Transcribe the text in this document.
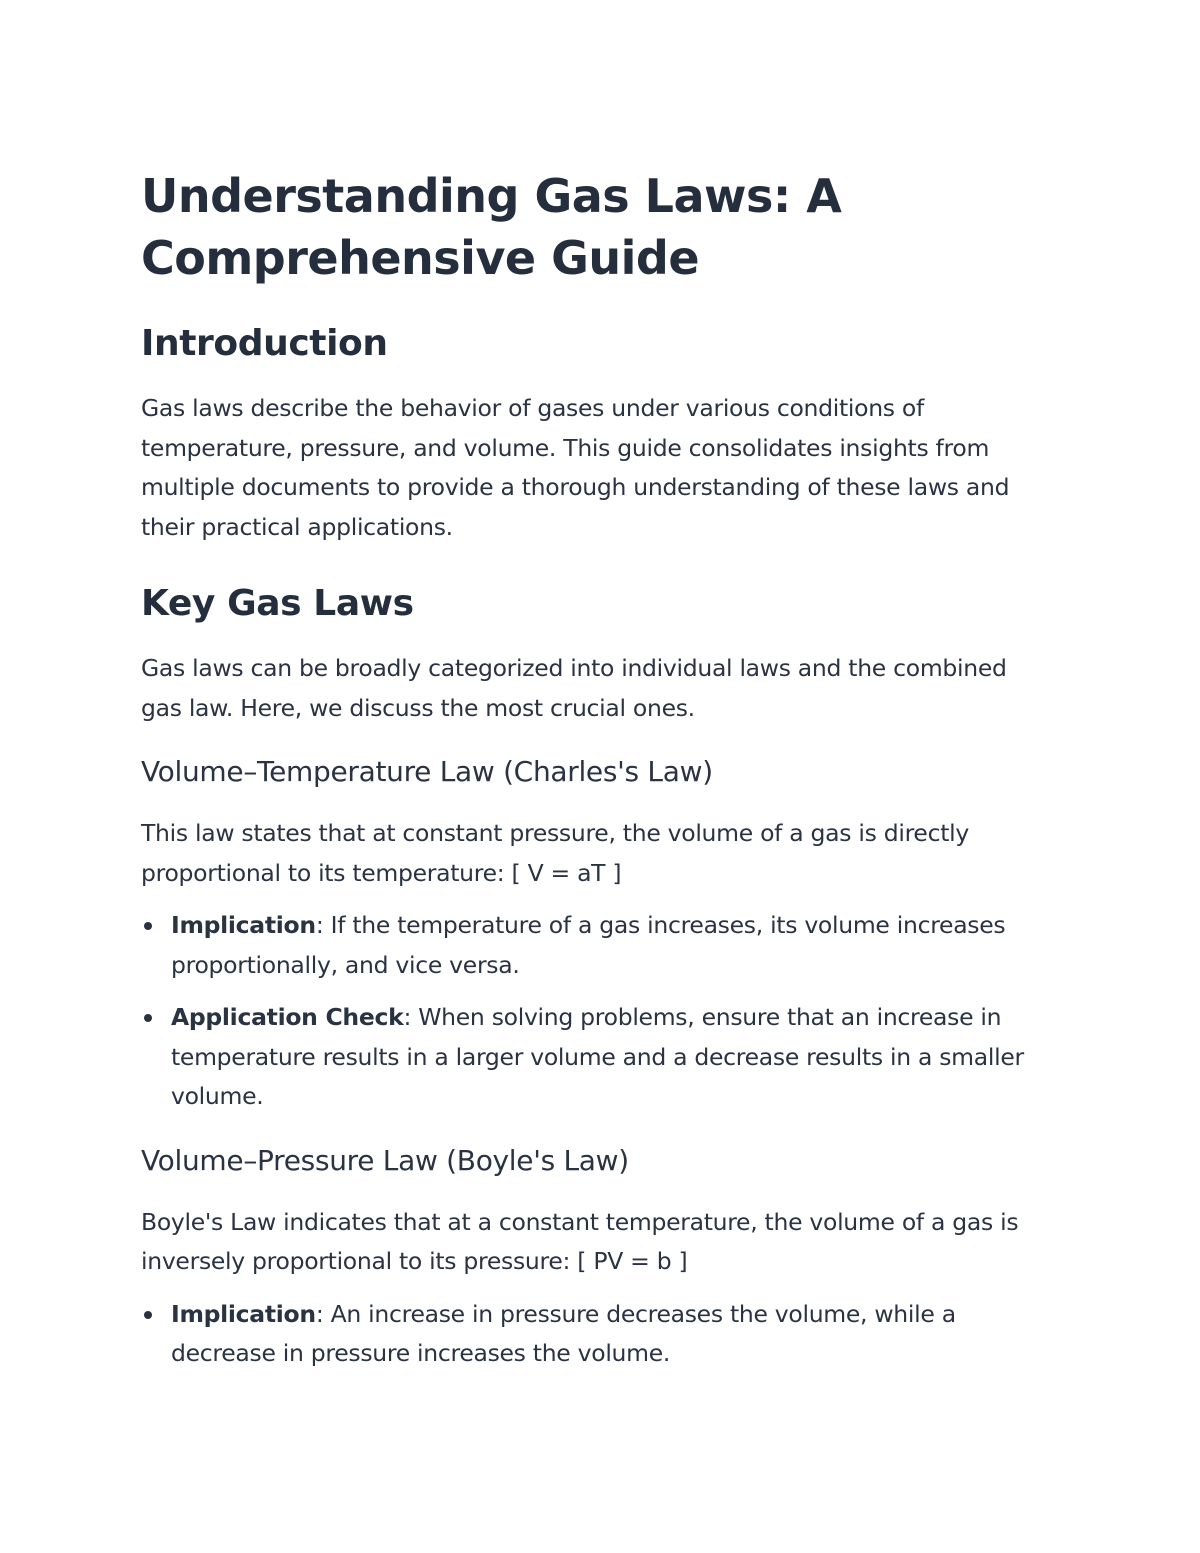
Understanding Gas Laws: A Comprehensive Guide
Introduction

Gas laws describe the behavior of gases under various conditions of temperature, pressure, and volume. This guide consolidates insights from multiple documents to provide a thorough understanding of these laws and their practical applications.

Key Gas Laws

Gas laws can be broadly categorized into individual laws and the combined gas law. Here, we discuss the most crucial ones.

Volume–Temperature Law (Charles's Law)

This law states that at constant pressure, the volume of a gas is directly proportional to its temperature: [ V = aT ]

Implication: If the temperature of a gas increases, its volume increases proportionally, and vice versa.
Application Check: When solving problems, ensure that an increase in temperature results in a larger volume and a decrease results in a smaller volume.
Volume–Pressure Law (Boyle's Law)

Boyle's Law indicates that at a constant temperature, the volume of a gas is inversely proportional to its pressure: [ PV = b ]

Implication: An increase in pressure decreases the volume, while a decrease in pressure increases the volume.
